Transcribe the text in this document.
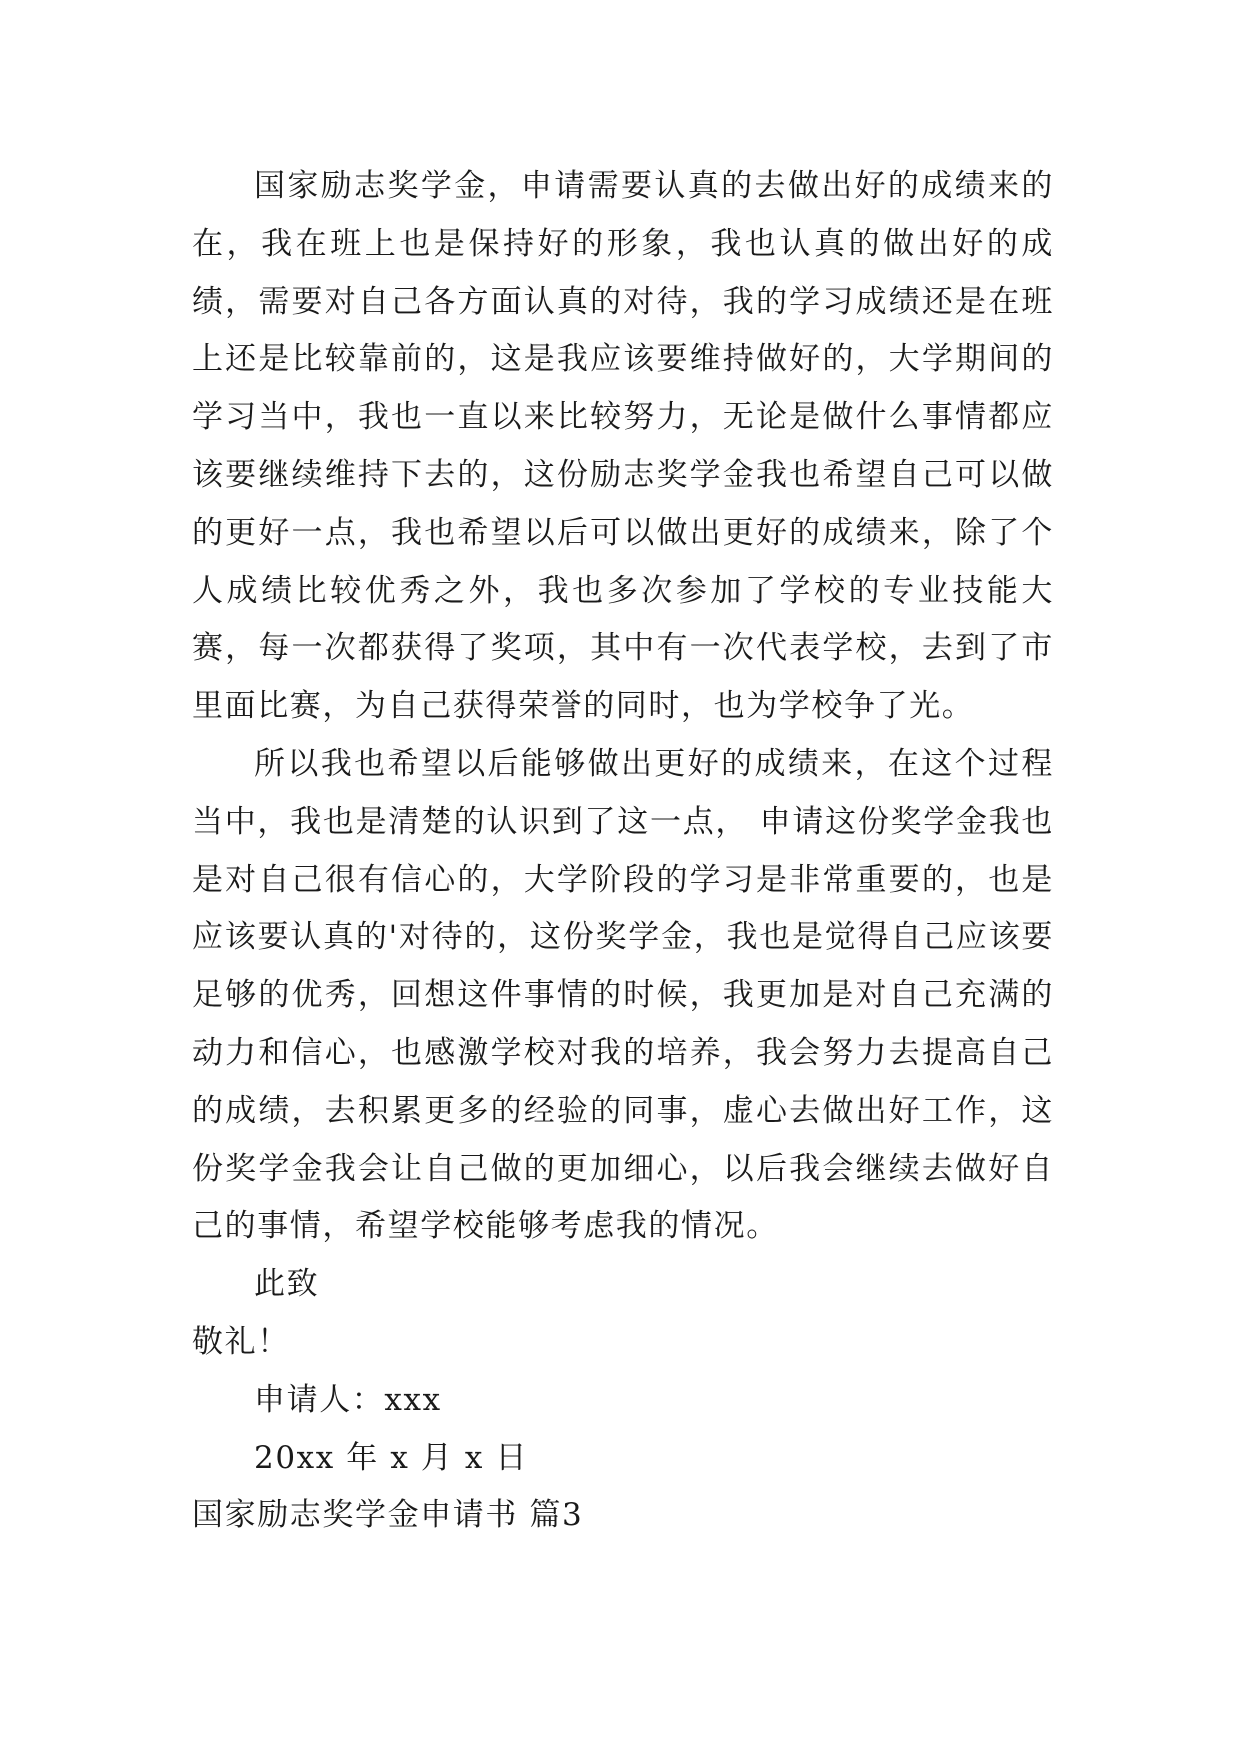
国家励志奖学金，申请需要认真的去做出好的成绩来的在，我在班上也是保持好的形象，我也认真的做出好的成绩，需要对自己各方面认真的对待，我的学习成绩还是在班上还是比较靠前的，这是我应该要维持做好的，大学期间的学习当中，我也一直以来比较努力，无论是做什么事情都应该要继续维持下去的，这份励志奖学金我也希望自己可以做的更好一点，我也希望以后可以做出更好的成绩来，除了个人成绩比较优秀之外，我也多次参加了学校的专业技能大赛，每一次都获得了奖项，其中有一次代表学校，去到了市里面比赛，为自己获得荣誉的同时，也为学校争了光。

所以我也希望以后能够做出更好的成绩来，在这个过程当中，我也是清楚的认识到了这一点， 申请这份奖学金我也是对自己很有信心的，大学阶段的学习是非常重要的，也是应该要认真的'对待的，这份奖学金，我也是觉得自己应该要足够的优秀，回想这件事情的时候，我更加是对自己充满的动力和信心，也感激学校对我的培养，我会努力去提高自己的成绩，去积累更多的经验的同事，虚心去做出好工作，这份奖学金我会让自己做的更加细心，以后我会继续去做好自己的事情，希望学校能够考虑我的情况。

此致

敬礼！

申请人：xxx

20xx 年 x 月 x 日

国家励志奖学金申请书 篇3
